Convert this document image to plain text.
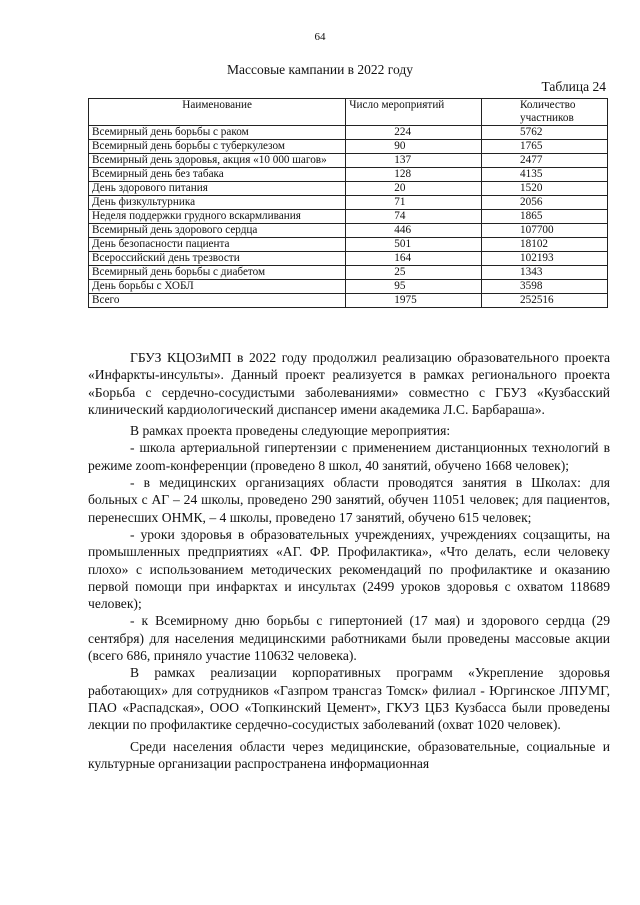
64
Массовые кампании в 2022 году
Таблица 24
Наименование	Число мероприятий	Количество участников
Всемирный день борьбы с раком	224	5762
Всемирный день борьбы с туберкулезом	90	1765
Всемирный день здоровья, акция «10 000 шагов»	137	2477
Всемирный день без табака	128	4135
День здорового питания	20	1520
День физкультурника	71	2056
Неделя поддержки грудного вскармливания	74	1865
Всемирный день здорового сердца	446	107700
День безопасности пациента	501	18102
Всероссийский день трезвости	164	102193
Всемирный день борьбы с диабетом	25	1343
День борьбы с ХОБЛ	95	3598
Всего	1975	252516

ГБУЗ КЦОЗиМП в 2022 году продолжил реализацию образовательного проекта «Инфаркты-инсульты». Данный проект реализуется в рамках регионального проекта «Борьба с сердечно-сосудистыми заболеваниями» совместно с ГБУЗ «Кузбасский клинический кардиологический диспансер имени академика Л.С. Барбараша».

В рамках проекта проведены следующие мероприятия:

- школа артериальной гипертензии с применением дистанционных технологий в режиме zoom-конференции (проведено 8 школ, 40 занятий, обучено 1668 человек);

- в медицинских организациях области проводятся занятия в Школах: для больных с АГ – 24 школы, проведено 290 занятий, обучен 11051 человек; для пациентов, перенесших ОНМК, – 4 школы, проведено 17 занятий, обучено 615 человек;

- уроки здоровья в образовательных учреждениях, учреждениях соцзащиты, на промышленных предприятиях «АГ. ФР. Профилактика», «Что делать, если человеку плохо» с использованием методических рекомендаций по профилактике и оказанию первой помощи при инфарктах и инсультах (2499 уроков здоровья с охватом 118689 человек);

- к Всемирному дню борьбы с гипертонией (17 мая) и здорового сердца (29 сентября) для населения медицинскими работниками были проведены массовые акции (всего 686, приняло участие 110632 человека).

В рамках реализации корпоративных программ «Укрепление здоровья работающих» для сотрудников «Газпром трансгаз Томск» филиал - Юргинское ЛПУМГ, ПАО «Распадская», ООО «Топкинский Цемент», ГКУЗ ЦБЗ Кузбасса были проведены лекции по профилактике сердечно-сосудистых заболеваний (охват 1020 человек).

Среди населения области через медицинские, образовательные, социальные и культурные организации распространена информационная
